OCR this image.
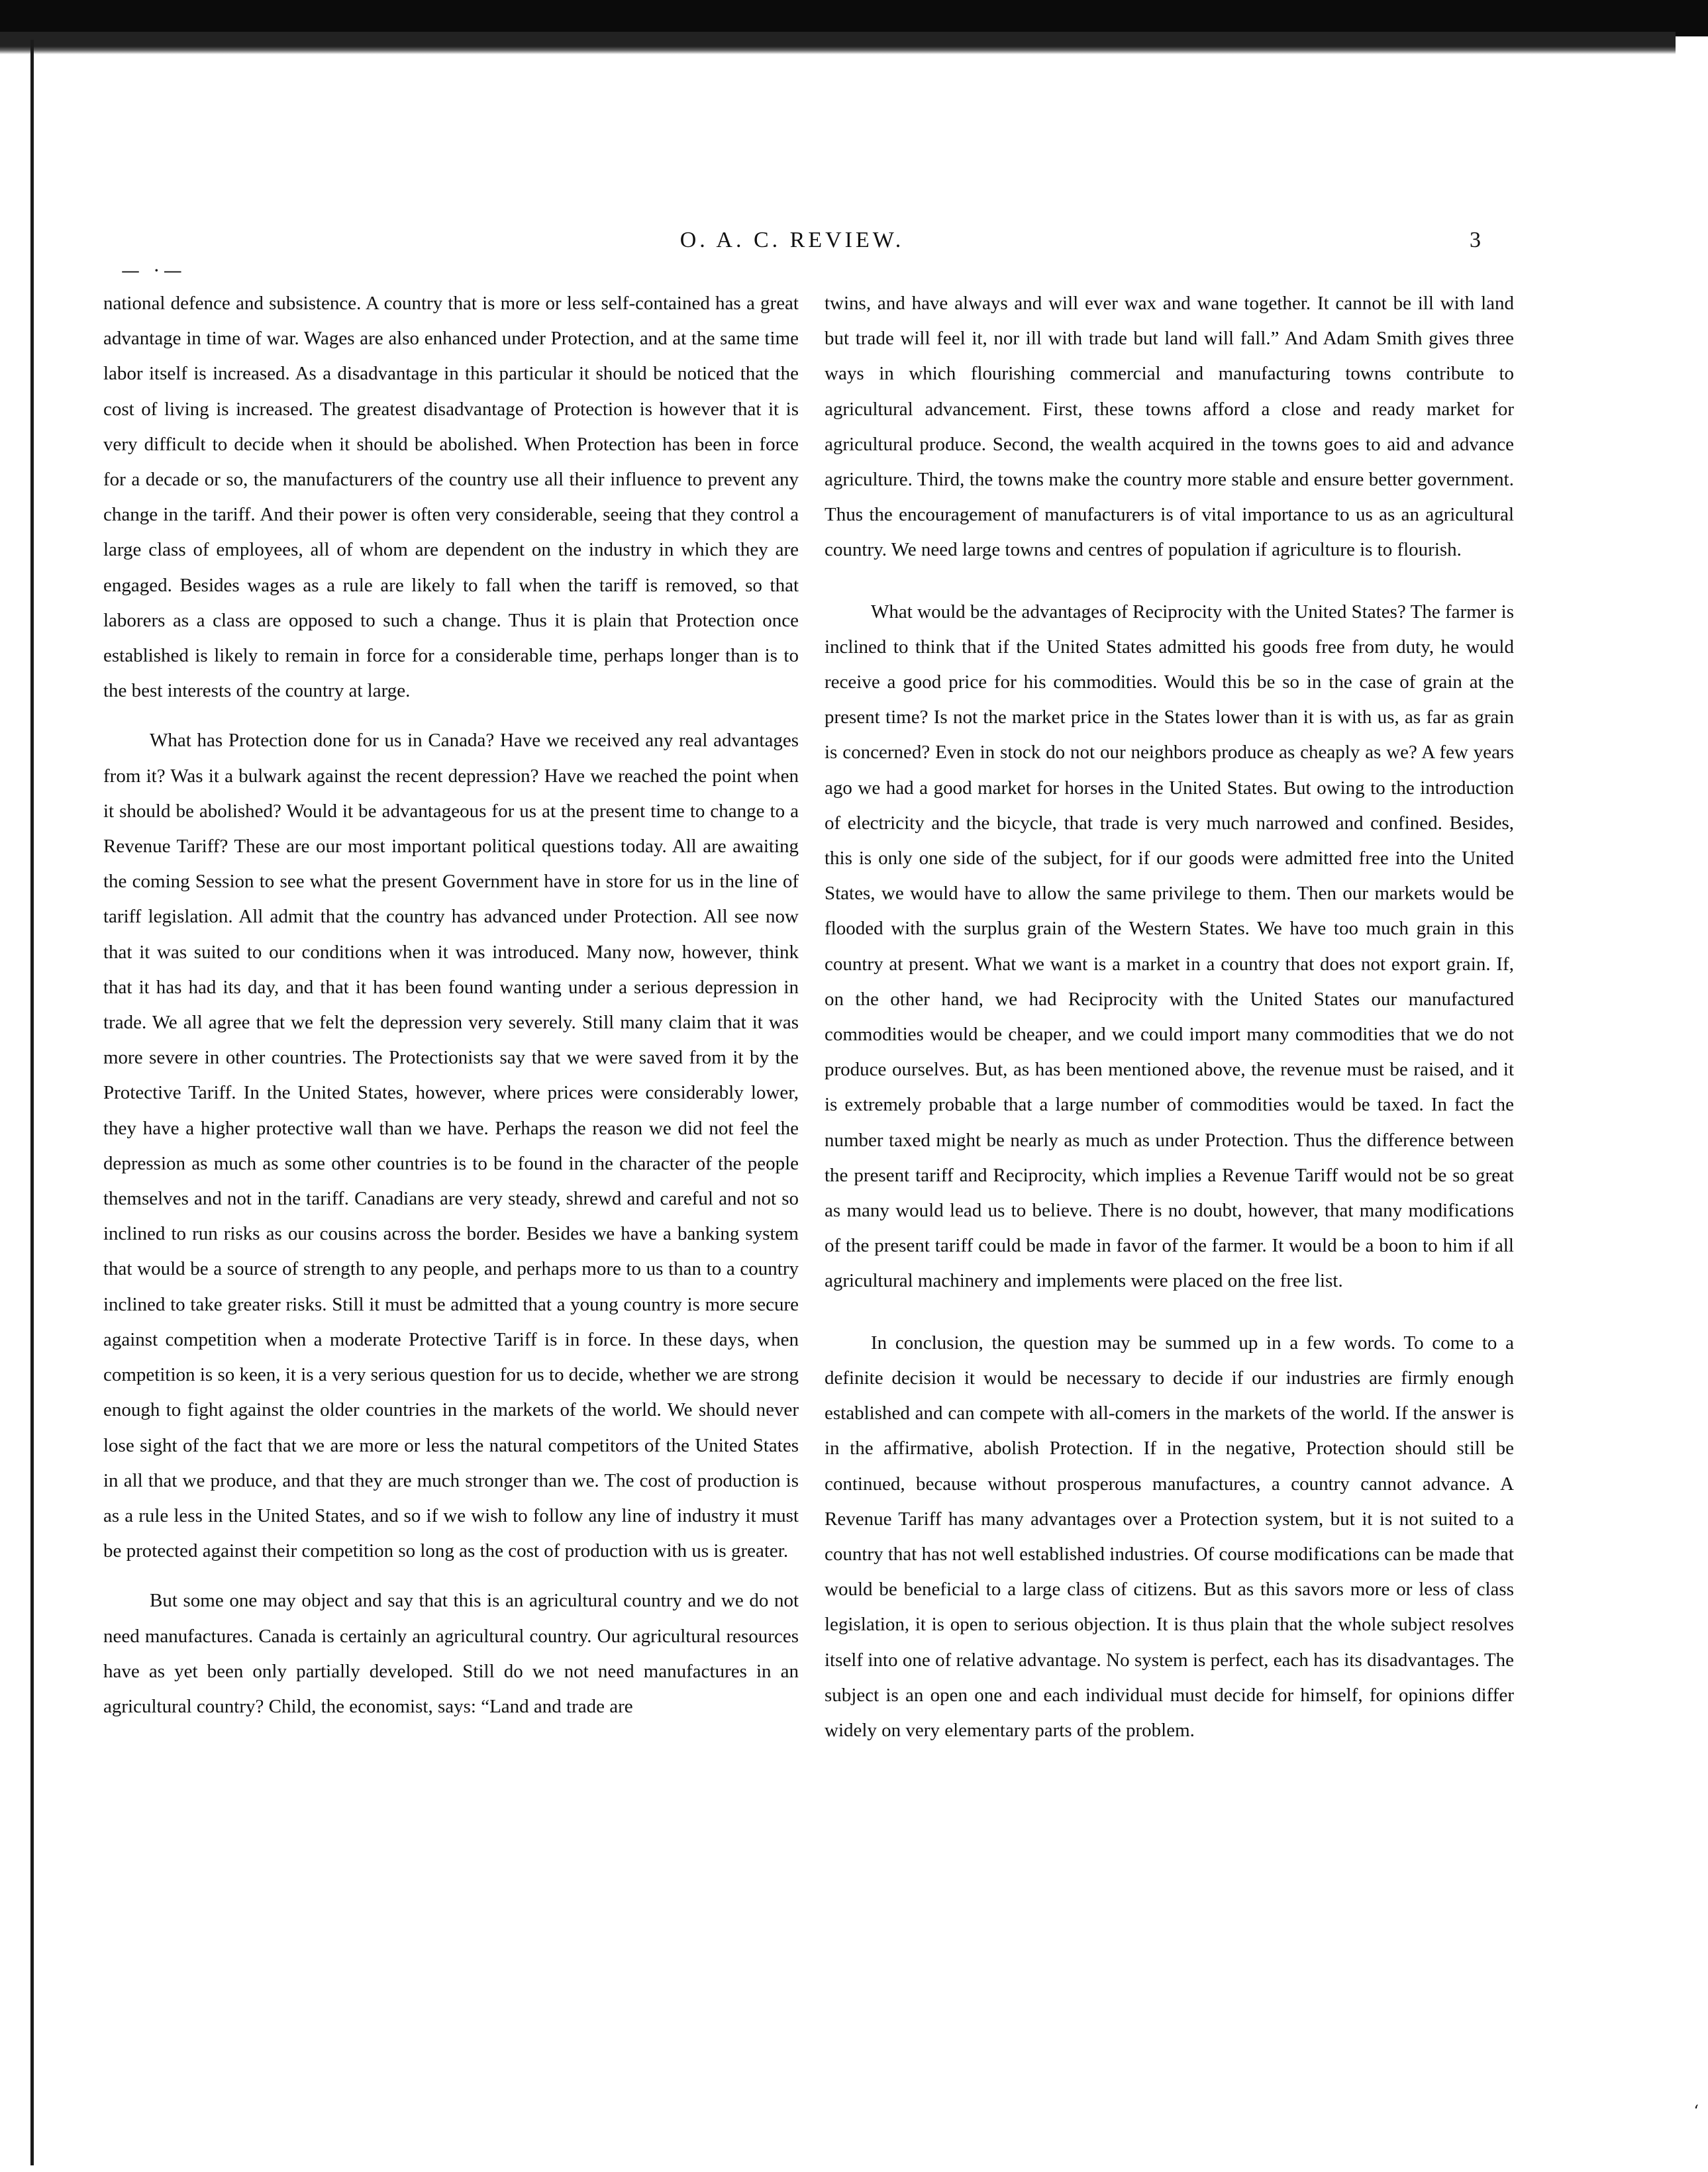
O. A. C. REVIEW.	3
— ·—

national defence and subsistence. A country that is more or less self-contained has a great advantage in time of war. Wages are also enhanced under Protection, and at the same time labor itself is increased. As a disadvantage in this particular it should be noticed that the cost of living is increased. The greatest disadvantage of Protection is however that it is very difficult to decide when it should be abolished. When Protection has been in force for a decade or so, the manufacturers of the country use all their influence to prevent any change in the tariff. And their power is often very considerable, seeing that they control a large class of employees, all of whom are dependent on the industry in which they are engaged. Besides wages as a rule are likely to fall when the tariff is removed, so that laborers as a class are opposed to such a change. Thus it is plain that Protection once established is likely to remain in force for a considerable time, perhaps longer than is to the best interests of the country at large.

What has Protection done for us in Canada? Have we received any real advantages from it? Was it a bulwark against the recent depression? Have we reached the point when it should be abolished? Would it be advantageous for us at the present time to change to a Revenue Tariff? These are our most important political questions today. All are awaiting the coming Session to see what the present Government have in store for us in the line of tariff legislation. All admit that the country has advanced under Protection. All see now that it was suited to our conditions when it was introduced. Many now, however, think that it has had its day, and that it has been found wanting under a serious depression in trade. We all agree that we felt the depression very severely. Still many claim that it was more severe in other countries. The Protectionists say that we were saved from it by the Protective Tariff. In the United States, however, where prices were considerably lower, they have a higher protective wall than we have. Perhaps the reason we did not feel the depression as much as some other countries is to be found in the character of the people themselves and not in the tariff. Canadians are very steady, shrewd and careful and not so inclined to run risks as our cousins across the border. Besides we have a banking system that would be a source of strength to any people, and perhaps more to us than to a country inclined to take greater risks. Still it must be admitted that a young country is more secure against competition when a moderate Protective Tariff is in force. In these days, when competition is so keen, it is a very serious question for us to decide, whether we are strong enough to fight against the older countries in the markets of the world. We should never lose sight of the fact that we are more or less the natural competitors of the United States in all that we produce, and that they are much stronger than we. The cost of production is as a rule less in the United States, and so if we wish to follow any line of industry it must be protected against their competition so long as the cost of production with us is greater.

But some one may object and say that this is an agricultural country and we do not need manufactures. Canada is certainly an agricultural country. Our agricultural resources have as yet been only partially developed. Still do we not need manufactures in an agricultural country? Child, the economist, says: “Land and trade are

twins, and have always and will ever wax and wane together. It cannot be ill with land but trade will feel it, nor ill with trade but land will fall.” And Adam Smith gives three ways in which flourishing commercial and manufacturing towns contribute to agricultural advancement. First, these towns afford a close and ready market for agricultural produce. Second, the wealth acquired in the towns goes to aid and advance agriculture. Third, the towns make the country more stable and ensure better government. Thus the encouragement of manufacturers is of vital importance to us as an agricultural country. We need large towns and centres of population if agriculture is to flourish.

What would be the advantages of Reciprocity with the United States? The farmer is inclined to think that if the United States admitted his goods free from duty, he would receive a good price for his commodities. Would this be so in the case of grain at the present time? Is not the market price in the States lower than it is with us, as far as grain is concerned? Even in stock do not our neighbors produce as cheaply as we? A few years ago we had a good market for horses in the United States. But owing to the introduction of electricity and the bicycle, that trade is very much narrowed and confined. Besides, this is only one side of the subject, for if our goods were admitted free into the United States, we would have to allow the same privilege to them. Then our markets would be flooded with the surplus grain of the Western States. We have too much grain in this country at present. What we want is a market in a country that does not export grain. If, on the other hand, we had Reciprocity with the United States our manufactured commodities would be cheaper, and we could import many commodities that we do not produce ourselves. But, as has been mentioned above, the revenue must be raised, and it is extremely probable that a large number of commodities would be taxed. In fact the number taxed might be nearly as much as under Protection. Thus the difference between the present tariff and Reciprocity, which implies a Revenue Tariff would not be so great as many would lead us to believe. There is no doubt, however, that many modifications of the present tariff could be made in favor of the farmer. It would be a boon to him if all agricultural machinery and implements were placed on the free list.

In conclusion, the question may be summed up in a few words. To come to a definite decision it would be necessary to decide if our industries are firmly enough established and can compete with all-comers in the markets of the world. If the answer is in the affirmative, abolish Protection. If in the negative, Protection should still be continued, because without prosperous manufactures, a country cannot advance. A Revenue Tariff has many advantages over a Protection system, but it is not suited to a country that has not well established industries. Of course modifications can be made that would be beneficial to a large class of citizens. But as this savors more or less of class legislation, it is open to serious objection. It is thus plain that the whole subject resolves itself into one of relative advantage. No system is perfect, each has its disadvantages. The subject is an open one and each individual must decide for himself, for opinions differ widely on very elementary parts of the problem.

‘
